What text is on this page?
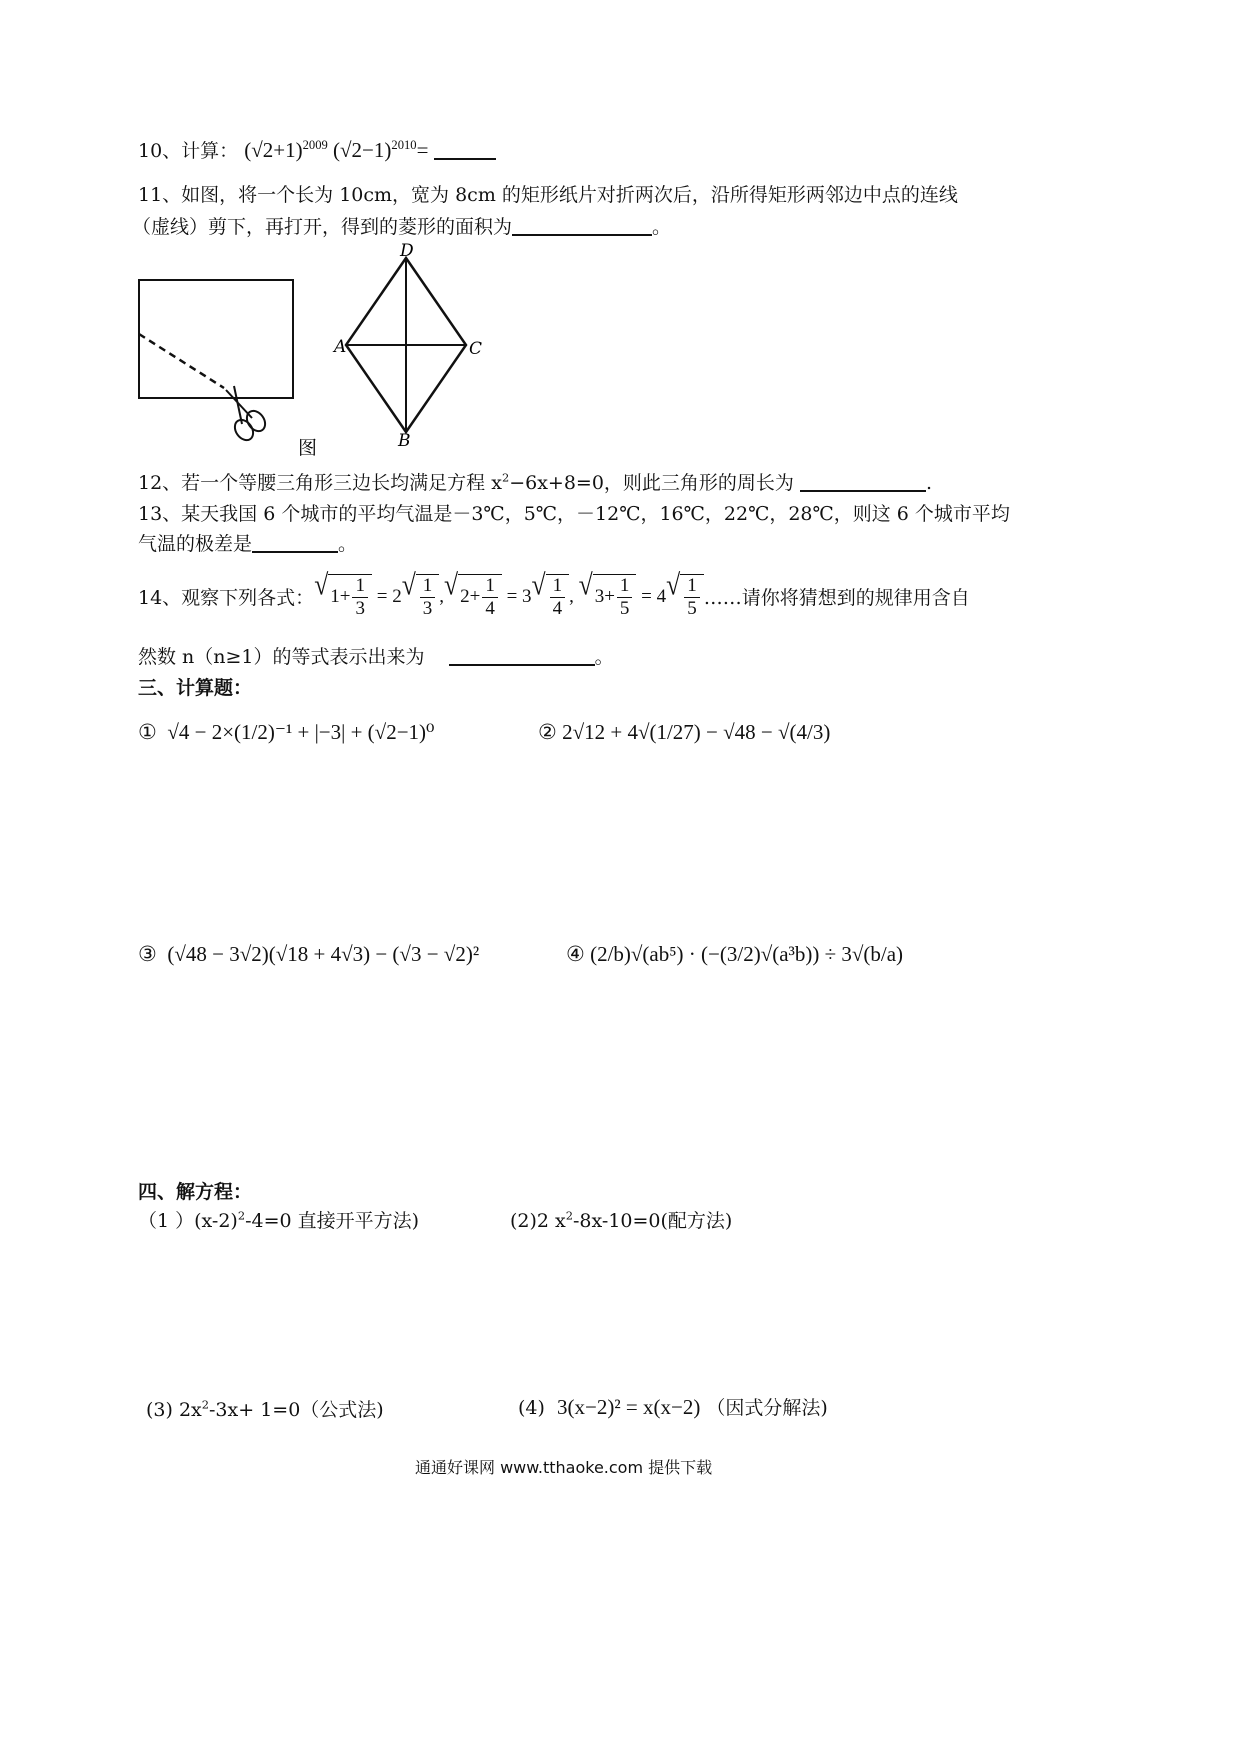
10、计算： $(√2+1)^{2009}$ $(√2-1)^{2010}=$
11、如图，将一个长为 10cm，宽为 8cm 的矩形纸片对折两次后，沿所得矩形两邻边中点的连线
（虚线）剪下，再打开，得到的菱形的面积为	。
图
D
A	C
B
12、若一个等腰三角形三边长均满足方程 $x^2-6x+8=0$，则此三角形的周长为	.
13、某天我国 6 个城市的平均气温是－3℃，5℃，－12℃，16℃，22℃，28℃，则这 6 个城市平均
气温的极差是	。
14、观察下列各式： √ $1 + \frac{1}{3} = 2$ √ $\frac{1}{3}$ , √ $2 + \frac{1}{4} = 3$ √ $\frac{1}{4}$ , √ $3 + \frac{1}{5} = 4$ √ $\frac{1}{5}$ ……请你将猜想到的规律用含自
然数 n（n≥1）的等式表示出来为	。
三、计算题：
① √4 − 2×(1/2)⁻¹ + |−3| + (√2−1)⁰	② 2√12 + 4√(1/27) − √48 − √(4/3)
③ (√48 − 3√2)(√18 + 4√3) − (√3 − √2)²	④ (2/b)√(ab⁵) · (−(3/2)√(a³b)) ÷ 3√(b/a)
四、解方程：
（1 ）$(x-2)^2-4=0$ 直接开平方法)	(2)2 $x^2-8x-10=0$(配方法)
(3) $2x^2-3x+ 1=0$（公式法)	(4) 3(x−2)² = x(x−2) （因式分解法)
通通好课网 www.tthaoke.com 提供下载
